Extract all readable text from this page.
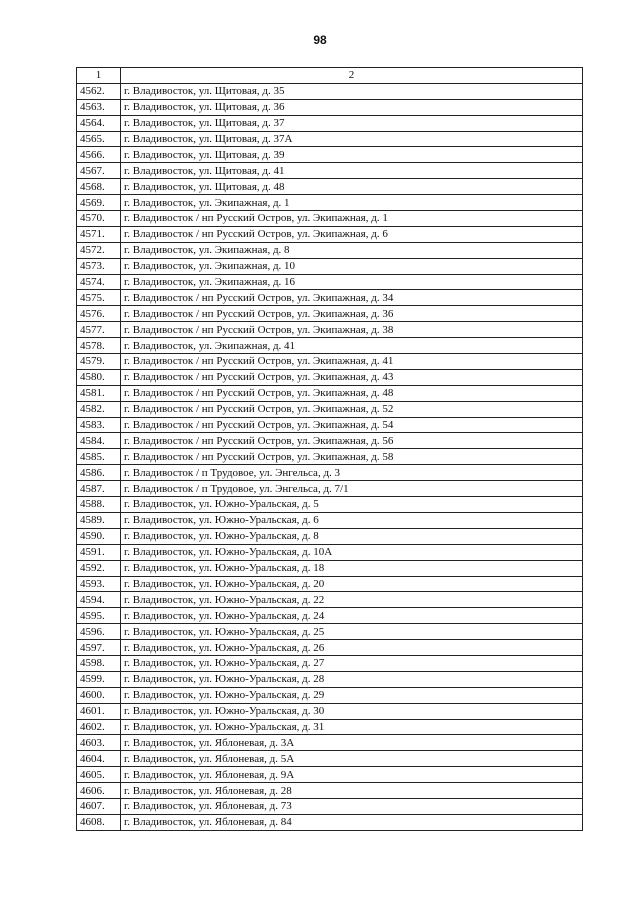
98
1	2
4562.	г. Владивосток, ул. Щитовая, д. 35
4563.	г. Владивосток, ул. Щитовая, д. 36
4564.	г. Владивосток, ул. Щитовая, д. 37
4565.	г. Владивосток, ул. Щитовая, д. 37А
4566.	г. Владивосток, ул. Щитовая, д. 39
4567.	г. Владивосток, ул. Щитовая, д. 41
4568.	г. Владивосток, ул. Щитовая, д. 48
4569.	г. Владивосток, ул. Экипажная, д. 1
4570.	г. Владивосток / нп Русский Остров, ул. Экипажная, д. 1
4571.	г. Владивосток / нп Русский Остров, ул. Экипажная, д. 6
4572.	г. Владивосток, ул. Экипажная, д. 8
4573.	г. Владивосток, ул. Экипажная, д. 10
4574.	г. Владивосток, ул. Экипажная, д. 16
4575.	г. Владивосток / нп Русский Остров, ул. Экипажная, д. 34
4576.	г. Владивосток / нп Русский Остров, ул. Экипажная, д. 36
4577.	г. Владивосток / нп Русский Остров, ул. Экипажная, д. 38
4578.	г. Владивосток, ул. Экипажная, д. 41
4579.	г. Владивосток / нп Русский Остров, ул. Экипажная, д. 41
4580.	г. Владивосток / нп Русский Остров, ул. Экипажная, д. 43
4581.	г. Владивосток / нп Русский Остров, ул. Экипажная, д. 48
4582.	г. Владивосток / нп Русский Остров, ул. Экипажная, д. 52
4583.	г. Владивосток / нп Русский Остров, ул. Экипажная, д. 54
4584.	г. Владивосток / нп Русский Остров, ул. Экипажная, д. 56
4585.	г. Владивосток / нп Русский Остров, ул. Экипажная, д. 58
4586.	г. Владивосток / п Трудовое, ул. Энгельса, д. 3
4587.	г. Владивосток / п Трудовое, ул. Энгельса, д. 7/1
4588.	г. Владивосток, ул. Южно-Уральская, д. 5
4589.	г. Владивосток, ул. Южно-Уральская, д. 6
4590.	г. Владивосток, ул. Южно-Уральская, д. 8
4591.	г. Владивосток, ул. Южно-Уральская, д. 10А
4592.	г. Владивосток, ул. Южно-Уральская, д. 18
4593.	г. Владивосток, ул. Южно-Уральская, д. 20
4594.	г. Владивосток, ул. Южно-Уральская, д. 22
4595.	г. Владивосток, ул. Южно-Уральская, д. 24
4596.	г. Владивосток, ул. Южно-Уральская, д. 25
4597.	г. Владивосток, ул. Южно-Уральская, д. 26
4598.	г. Владивосток, ул. Южно-Уральская, д. 27
4599.	г. Владивосток, ул. Южно-Уральская, д. 28
4600.	г. Владивосток, ул. Южно-Уральская, д. 29
4601.	г. Владивосток, ул. Южно-Уральская, д. 30
4602.	г. Владивосток, ул. Южно-Уральская, д. 31
4603.	г. Владивосток, ул. Яблоневая, д. 3А
4604.	г. Владивосток, ул. Яблоневая, д. 5А
4605.	г. Владивосток, ул. Яблоневая, д. 9А
4606.	г. Владивосток, ул. Яблоневая, д. 28
4607.	г. Владивосток, ул. Яблоневая, д. 73
4608.	г. Владивосток, ул. Яблоневая, д. 84
